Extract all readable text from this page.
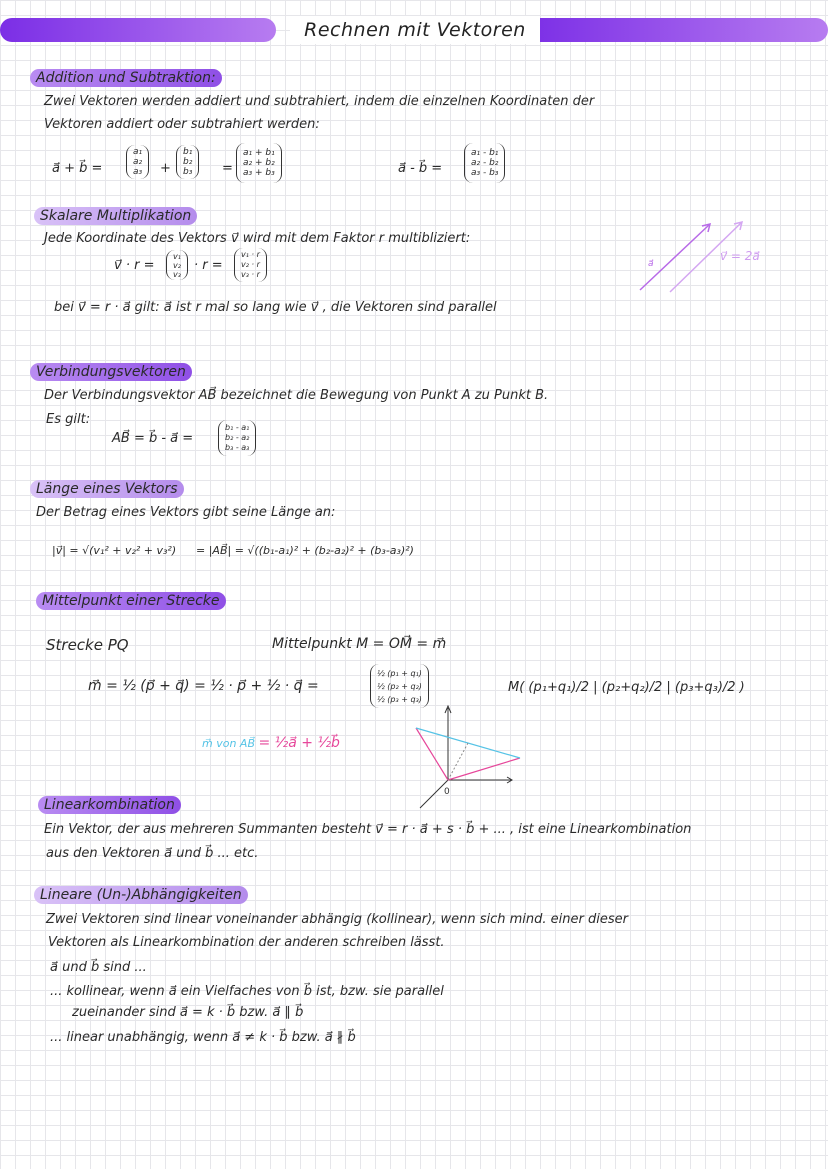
Rechnen mit Vektoren
Addition und Subtraktion:
Zwei Vektoren werden addiert und subtrahiert, indem die einzelnen Koordinaten der
Vektoren addiert oder subtrahiert werden:
a⃗ + b⃗ =
a₁
a₂
a₃ +
b₁
b₂
b₃ =
a₁ + b₁
a₂ + b₂
a₃ + b₃	a⃗ - b⃗ =
a₁ - b₁
a₂ - b₂
a₃ - b₃
Skalare Multiplikation
Jede Koordinate des Vektors v⃗ wird mit dem Faktor r multibliziert:
v⃗ · r =
v₁
v₂
v₃
· r =
v₁ · r
v₂ · r
v₃ · r
bei v⃗ = r · a⃗ gilt: a⃗ ist r mal so lang wie v⃗ , die Vektoren sind parallel
a⃗
v⃗ = 2a⃗
Verbindungsvektoren
Der Verbindungsvektor AB⃗ bezeichnet die Bewegung von Punkt A zu Punkt B.
Es gilt:
AB⃗ = b⃗ - a⃗ =
b₁ - a₁
b₂ - a₂
b₃ - a₃
Länge eines Vektors
Der Betrag eines Vektors gibt seine Länge an:
|v⃗| = √(v₁² + v₂² + v₃²) = |AB⃗| = √((b₁-a₁)² + (b₂-a₂)² + (b₃-a₃)²)
Mittelpunkt einer Strecke
Strecke PQ	Mittelpunkt M = OM⃗ = m⃗
m⃗ = ½ (p⃗ + q⃗) = ½ · p⃗ + ½ · q⃗ =
½ (p₁ + q₁)
½ (p₂ + q₂)
½ (p₃ + q₃)
M( (p₁+q₁)/2 | (p₂+q₂)/2 | (p₃+q₃)/2 )
m⃗ von AB⃗ = ½a⃗ + ½b⃗
0
Linearkombination
Ein Vektor, der aus mehreren Summanten besteht v⃗ = r · a⃗ + s · b⃗ + ... , ist eine Linearkombination
aus den Vektoren a⃗ und b⃗ ... etc.
Lineare (Un-)Abhängigkeiten
Zwei Vektoren sind linear voneinander abhängig (kollinear), wenn sich mind. einer dieser
Vektoren als Linearkombination der anderen schreiben lässt.
a⃗ und b⃗ sind ...
... kollinear, wenn a⃗ ein Vielfaches von b⃗ ist, bzw. sie parallel
zueinander sind a⃗ = k · b⃗ bzw. a⃗ ∥ b⃗
... linear unabhängig, wenn a⃗ ≠ k · b⃗ bzw. a⃗ ∦ b⃗
